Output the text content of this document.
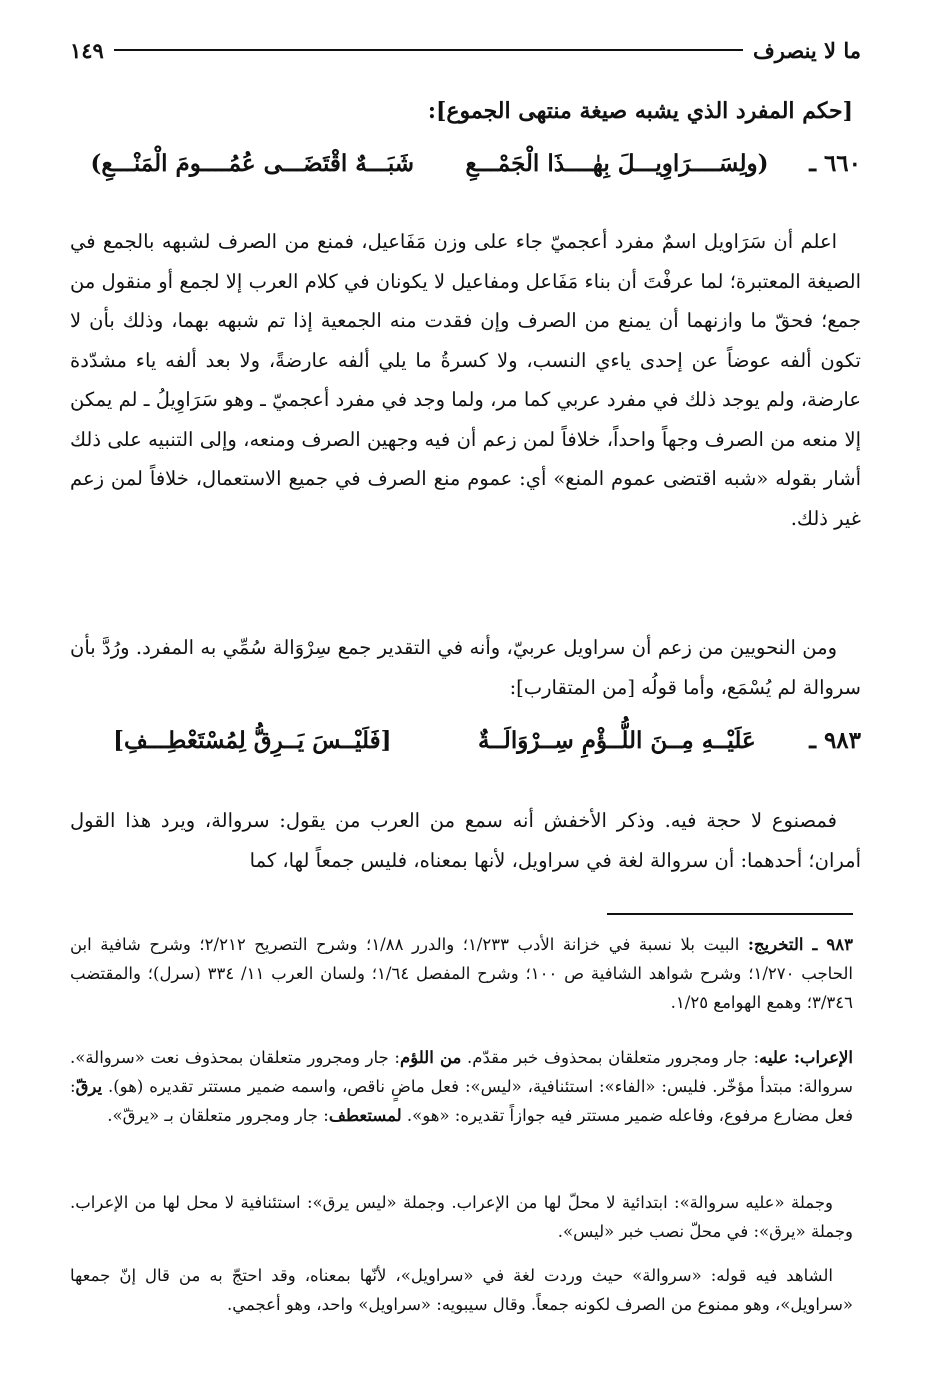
ما لا ينصرف
١٤٩
[حكم المفرد الذي يشبه صيغة منتهى الجموع]:
٦٦٠ ـ
(ولِسَــــرَاوِيـــلَ بِهٰــــذَا الْجَمْـــعِ
شَبَـــهٌ اقْتَضَـــى عُمُــــومَ الْمَنْـــعِ)
اعلم أن سَرَاويل اسمٌ مفرد أعجميّ جاء على وزن مَفَاعيل، فمنع من الصرف لشبهه بالجمع في الصيغة المعتبرة؛ لما عرفْتَ أن بناء مَفَاعل ومفاعيل لا يكونان في كلام العرب إلا لجمع أو منقول من جمع؛ فحقّ ما وازنهما أن يمنع من الصرف وإن فقدت منه الجمعية إذا تم شبهه بهما، وذلك بأن لا تكون ألفه عوضاً عن إحدى ياءي النسب، ولا كسرةُ ما يلي ألفه عارضةً، ولا بعد ألفه ياء مشدّدة عارضة، ولم يوجد ذلك في مفرد عربي كما مر، ولما وجد في مفرد أعجميّ ـ وهو سَرَاوِيلُ ـ لم يمكن إلا منعه من الصرف وجهاً واحداً، خلافاً لمن زعم أن فيه وجهين الصرف ومنعه، وإلى التنبيه على ذلك أشار بقوله «شبه اقتضى عموم المنع» أي: عموم منع الصرف في جميع الاستعمال، خلافاً لمن زعم غير ذلك.
ومن النحويين من زعم أن سراويل عربيّ، وأنه في التقدير جمع سِرْوَالة سُمِّي به المفرد. ورُدَّ بأن سروالة لم يُسْمَع، وأما قولُه [من المتقارب]:
٩٨٣ ـ
عَلَيْــهِ مِــنَ اللُّــؤْمِ سِــرْوَالَــةٌ
[فَلَيْــسَ يَــرِقُّ لِمُسْتَعْطِـــفِ]
فمصنوع لا حجة فيه. وذكر الأخفش أنه سمع من العرب من يقول: سروالة، ويرد هذا القول أمران؛ أحدهما: أن سروالة لغة في سراويل، لأنها بمعناه، فليس جمعاً لها، كما
٩٨٣ ـ التخريج: البيت بلا نسبة في خزانة الأدب ١/٢٣٣؛ والدرر ١/٨٨؛ وشرح التصريح ٢/٢١٢؛ وشرح شافية ابن الحاجب ١/٢٧٠؛ وشرح شواهد الشافية ص ١٠٠؛ وشرح المفصل ١/٦٤؛ ولسان العرب ١١/ ٣٣٤ (سرل)؛ والمقتضب ٣/٣٤٦؛ وهمع الهوامع ١/٢٥.
الإعراب: عليه: جار ومجرور متعلقان بمحذوف خبر مقدّم. من اللؤم: جار ومجرور متعلقان بمحذوف نعت «سروالة». سروالة: مبتدأ مؤخّر. فليس: «الفاء»: استئنافية، «ليس»: فعل ماضٍ ناقص، واسمه ضمير مستتر تقديره (هو). يرقّ: فعل مضارع مرفوع، وفاعله ضمير مستتر فيه جوازاً تقديره: «هو». لمستعطف: جار ومجرور متعلقان بـ «يرقّ».
وجملة «عليه سروالة»: ابتدائية لا محلّ لها من الإعراب. وجملة «ليس يرق»: استئنافية لا محل لها من الإعراب. وجملة «يرق»: في محلّ نصب خبر «ليس».
الشاهد فيه قوله: «سروالة» حيث وردت لغة في «سراويل»، لأنّها بمعناه، وقد احتجّ به من قال إنّ جمعها «سراويل»، وهو ممنوع من الصرف لكونه جمعاً. وقال سيبويه: «سراويل» واحد، وهو أعجمي.
